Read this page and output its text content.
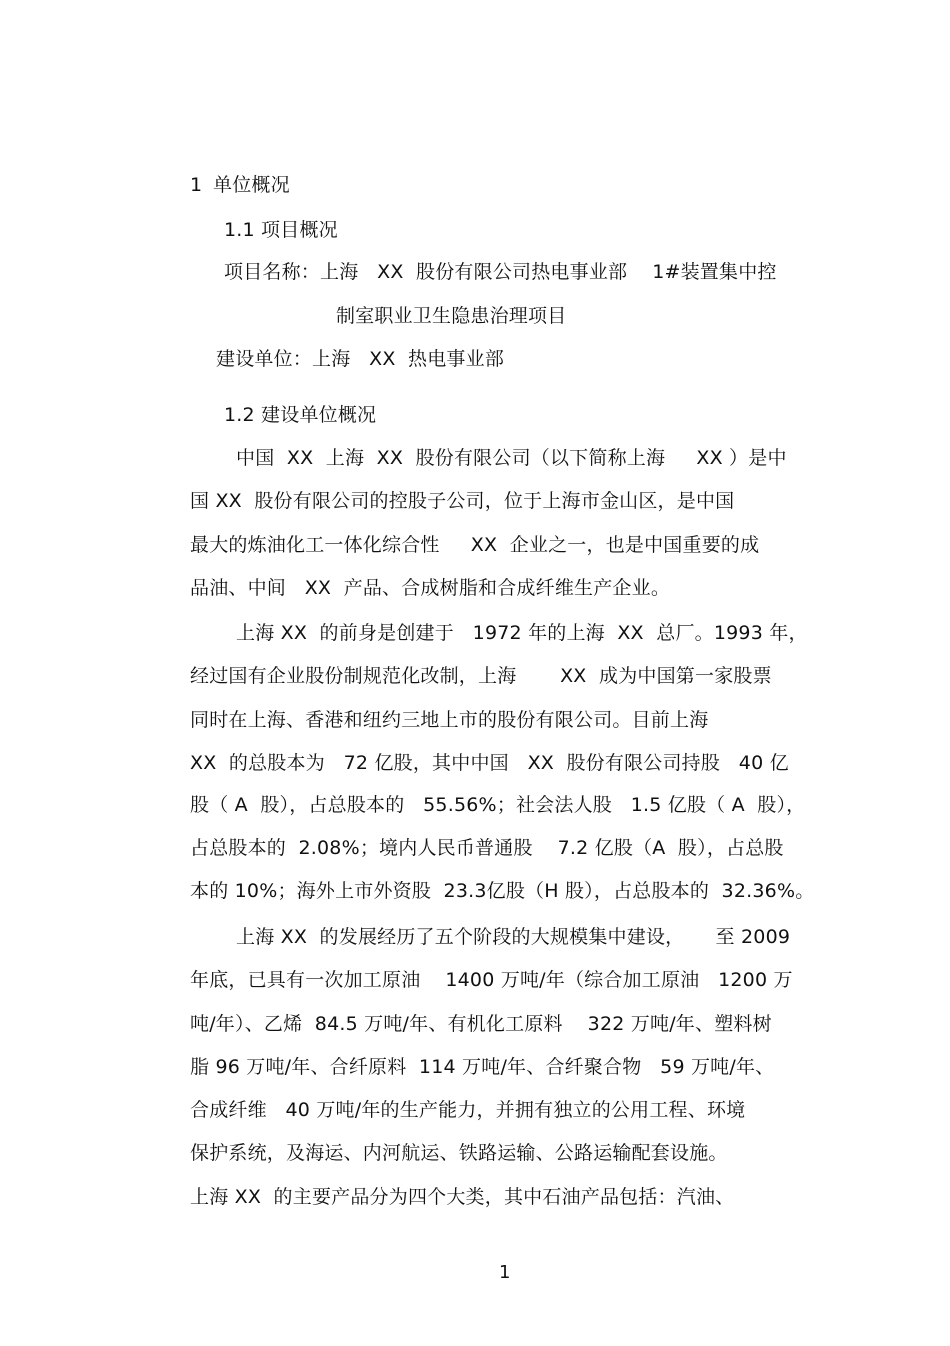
1 单位概况
1.1 项目概况
项目名称：上海   XX  股份有限公司热电事业部    1#装置集中控
制室职业卫生隐患治理项目
建设单位：上海   XX  热电事业部
1.2 建设单位概况
中国  XX  上海  XX  股份有限公司（以下简称上海     XX ）是中
国 XX  股份有限公司的控股子公司，位于上海市金山区，是中国
最大的炼油化工一体化综合性     XX  企业之一，也是中国重要的成
品油、中间   XX  产品、合成树脂和合成纤维生产企业。
上海 XX  的前身是创建于   1972 年的上海  XX  总厂。1993 年，
经过国有企业股份制规范化改制，上海       XX  成为中国第一家股票
同时在上海、香港和纽约三地上市的股份有限公司。目前上海
XX  的总股本为   72 亿股，其中中国   XX  股份有限公司持股   40 亿
股（ A  股），占总股本的   55.56%；社会法人股   1.5 亿股（ A  股），
占总股本的  2.08%；境内人民币普通股    7.2 亿股（A  股），占总股
本的 10%；海外上市外资股  23.3亿股（H 股），占总股本的  32.36%。
上海 XX  的发展经历了五个阶段的大规模集中建设，     至 2009
年底，已具有一次加工原油    1400 万吨/年（综合加工原油   1200 万
吨/年）、乙烯  84.5 万吨/年、有机化工原料    322 万吨/年、塑料树
脂 96 万吨/年、合纤原料  114 万吨/年、合纤聚合物   59 万吨/年、
合成纤维   40 万吨/年的生产能力，并拥有独立的公用工程、环境
保护系统，及海运、内河航运、铁路运输、公路运输配套设施。
上海 XX  的主要产品分为四个大类，其中石油产品包括：汽油、
1
